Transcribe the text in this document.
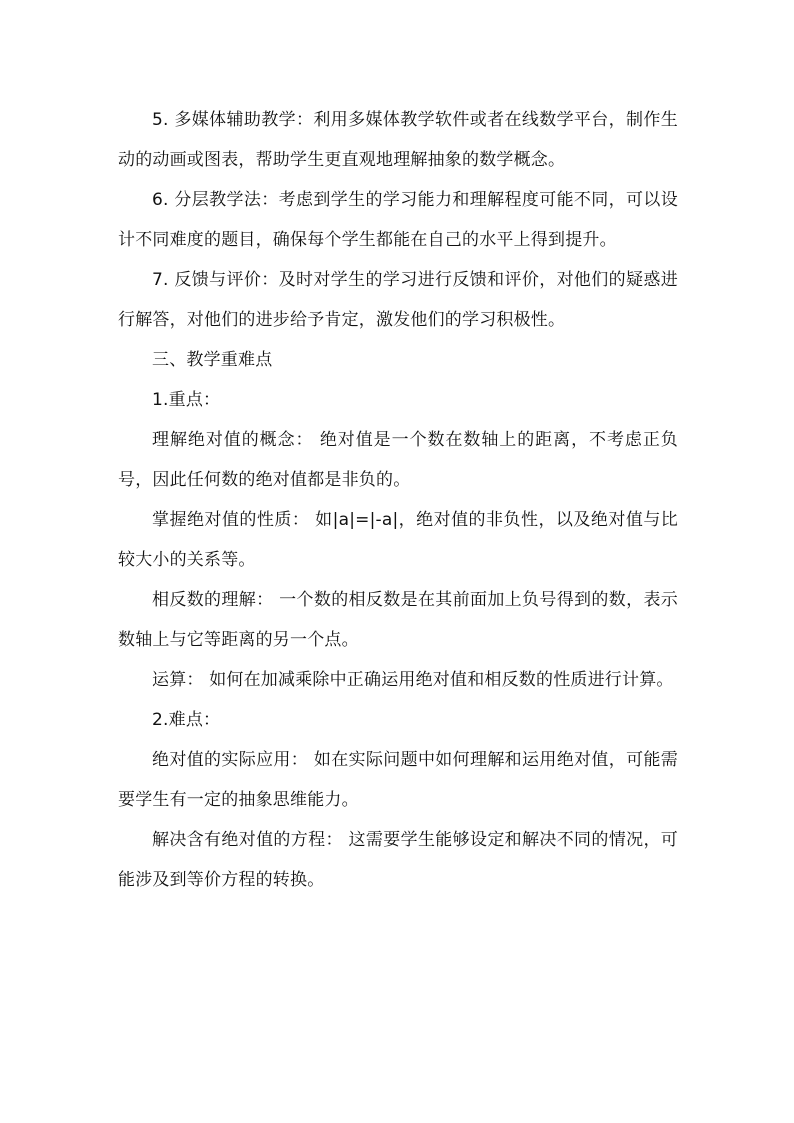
5. 多媒体辅助教学：利用多媒体教学软件或者在线数学平台，制作生动的动画或图表，帮助学生更直观地理解抽象的数学概念。

6. 分层教学法：考虑到学生的学习能力和理解程度可能不同，可以设计不同难度的题目，确保每个学生都能在自己的水平上得到提升。

7. 反馈与评价：及时对学生的学习进行反馈和评价，对他们的疑惑进行解答，对他们的进步给予肯定，激发他们的学习积极性。

三、教学重难点

1.重点：

理解绝对值的概念： 绝对值是一个数在数轴上的距离，不考虑正负号，因此任何数的绝对值都是非负的。

掌握绝对值的性质： 如|a|=|-a|，绝对值的非负性，以及绝对值与比较大小的关系等。

相反数的理解： 一个数的相反数是在其前面加上负号得到的数，表示数轴上与它等距离的另一个点。

运算： 如何在加减乘除中正确运用绝对值和相反数的性质进行计算。

2.难点：

绝对值的实际应用： 如在实际问题中如何理解和运用绝对值，可能需要学生有一定的抽象思维能力。

解决含有绝对值的方程： 这需要学生能够设定和解决不同的情况，可能涉及到等价方程的转换。
